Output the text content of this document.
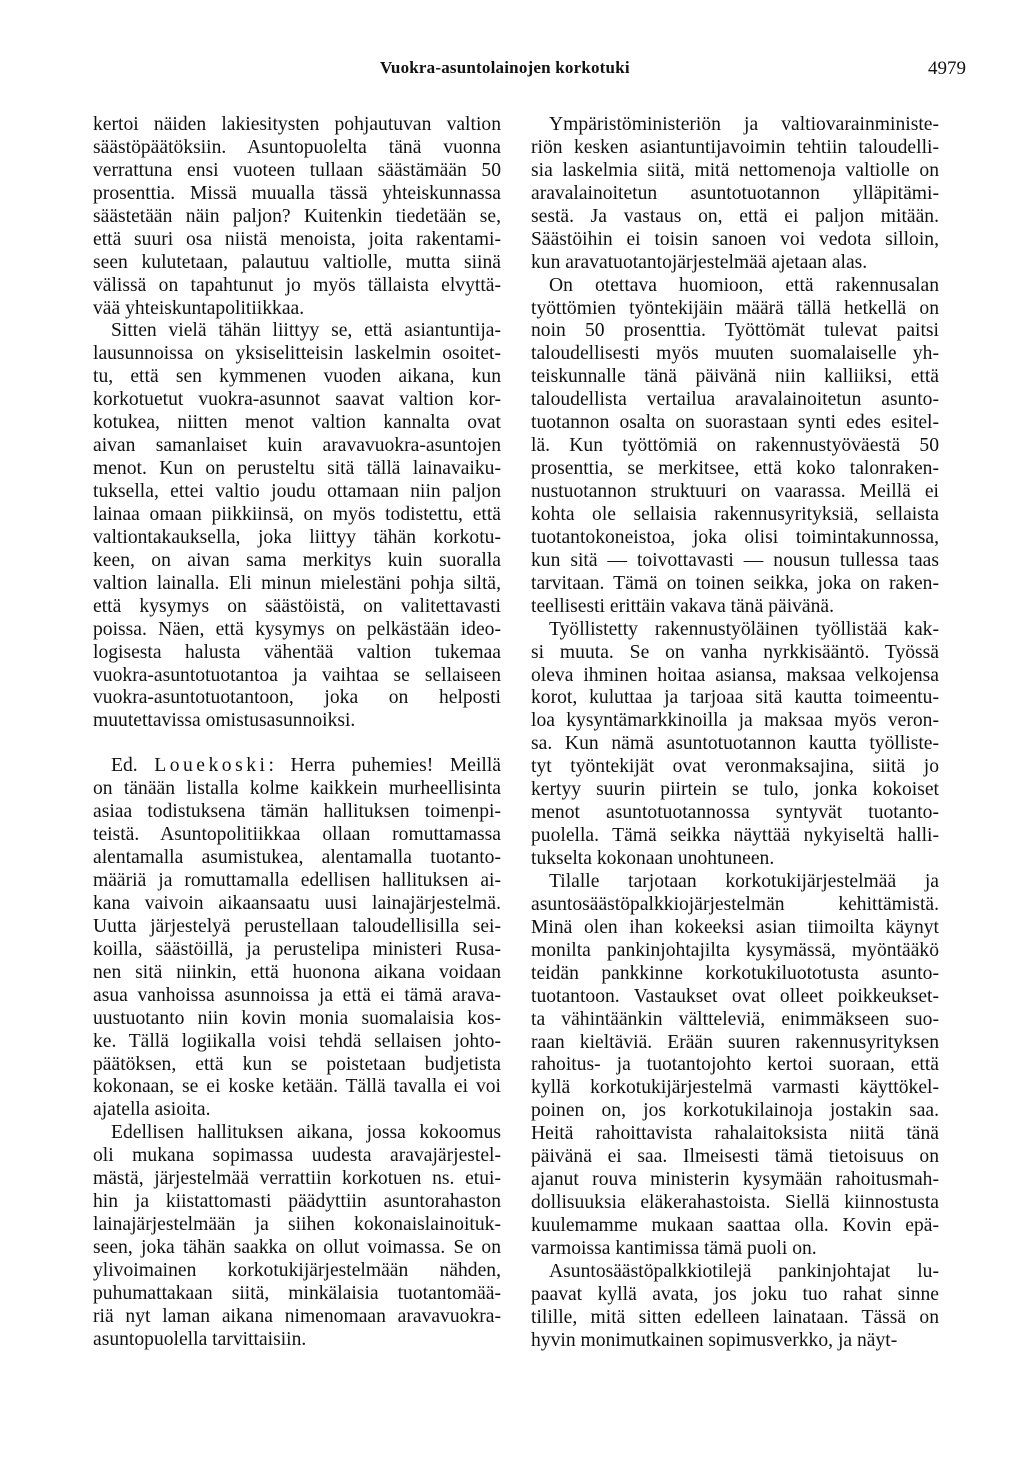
Vuokra-asuntolainojen korkotuki	4979
kertoi näiden lakiesitysten pohjautuvan valtion
säästöpäätöksiin. Asuntopuolelta tänä vuonna
verrattuna ensi vuoteen tullaan säästämään 50
prosenttia. Missä muualla tässä yhteiskunnassa
säästetään näin paljon? Kuitenkin tiedetään se,
että suuri osa niistä menoista, joita rakentami-
seen kulutetaan, palautuu valtiolle, mutta siinä
välissä on tapahtunut jo myös tällaista elvyttä-
vää yhteiskuntapolitiikkaa.
Sitten vielä tähän liittyy se, että asiantuntija-
lausunnoissa on yksiselitteisin laskelmin osoitet-
tu, että sen kymmenen vuoden aikana, kun
korkotuetut vuokra-asunnot saavat valtion kor-
kotukea, niitten menot valtion kannalta ovat
aivan samanlaiset kuin aravavuokra-asuntojen
menot. Kun on perusteltu sitä tällä lainavaiku-
tuksella, ettei valtio joudu ottamaan niin paljon
lainaa omaan piikkiinsä, on myös todistettu, että
valtiontakauksella, joka liittyy tähän korkotu-
keen, on aivan sama merkitys kuin suoralla
valtion lainalla. Eli minun mielestäni pohja siltä,
että kysymys on säästöistä, on valitettavasti
poissa. Näen, että kysymys on pelkästään ideo-
logisesta halusta vähentää valtion tukemaa
vuokra-asuntotuotantoa ja vaihtaa se sellaiseen
vuokra-asuntotuotantoon, joka on helposti
muutettavissa omistusasunnoiksi.
Ed. Louekoski: Herra puhemies! Meillä
on tänään listalla kolme kaikkein murheellisinta
asiaa todistuksena tämän hallituksen toimenpi-
teistä. Asuntopolitiikkaa ollaan romuttamassa
alentamalla asumistukea, alentamalla tuotanto-
määriä ja romuttamalla edellisen hallituksen ai-
kana vaivoin aikaansaatu uusi lainajärjestelmä.
Uutta järjestelyä perustellaan taloudellisilla sei-
koilla, säästöillä, ja perustelipa ministeri Rusa-
nen sitä niinkin, että huonona aikana voidaan
asua vanhoissa asunnoissa ja että ei tämä arava-
uustuotanto niin kovin monia suomalaisia kos-
ke. Tällä logiikalla voisi tehdä sellaisen johto-
päätöksen, että kun se poistetaan budjetista
kokonaan, se ei koske ketään. Tällä tavalla ei voi
ajatella asioita.
Edellisen hallituksen aikana, jossa kokoomus
oli mukana sopimassa uudesta aravajärjestel-
mästä, järjestelmää verrattiin korkotuen ns. etui-
hin ja kiistattomasti päädyttiin asuntorahaston
lainajärjestelmään ja siihen kokonaislainoituk-
seen, joka tähän saakka on ollut voimassa. Se on
ylivoimainen korkotukijärjestelmään nähden,
puhumattakaan siitä, minkälaisia tuotantomää-
riä nyt laman aikana nimenomaan aravavuokra-
asuntopuolella tarvittaisiin.
Ympäristöministeriön ja valtiovarainministe-
riön kesken asiantuntijavoimin tehtiin taloudelli-
sia laskelmia siitä, mitä nettomenoja valtiolle on
aravalainoitetun asuntotuotannon ylläpitämi-
sestä. Ja vastaus on, että ei paljon mitään.
Säästöihin ei toisin sanoen voi vedota silloin,
kun aravatuotantojärjestelmää ajetaan alas.
On otettava huomioon, että rakennusalan
työttömien työntekijäin määrä tällä hetkellä on
noin 50 prosenttia. Työttömät tulevat paitsi
taloudellisesti myös muuten suomalaiselle yh-
teiskunnalle tänä päivänä niin kalliiksi, että
taloudellista vertailua aravalainoitetun asunto-
tuotannon osalta on suorastaan synti edes esitel-
lä. Kun työttömiä on rakennustyöväestä 50
prosenttia, se merkitsee, että koko talonraken-
nustuotannon struktuuri on vaarassa. Meillä ei
kohta ole sellaisia rakennusyrityksiä, sellaista
tuotantokoneistoa, joka olisi toimintakunnossa,
kun sitä — toivottavasti — nousun tullessa taas
tarvitaan. Tämä on toinen seikka, joka on raken-
teellisesti erittäin vakava tänä päivänä.
Työllistetty rakennustyöläinen työllistää kak-
si muuta. Se on vanha nyrkkisääntö. Työssä
oleva ihminen hoitaa asiansa, maksaa velkojensa
korot, kuluttaa ja tarjoaa sitä kautta toimeentu-
loa kysyntämarkkinoilla ja maksaa myös veron-
sa. Kun nämä asuntotuotannon kautta työlliste-
tyt työntekijät ovat veronmaksajina, siitä jo
kertyy suurin piirtein se tulo, jonka kokoiset
menot asuntotuotannossa syntyvät tuotanto-
puolella. Tämä seikka näyttää nykyiseltä halli-
tukselta kokonaan unohtuneen.
Tilalle tarjotaan korkotukijärjestelmää ja
asuntosäästöpalkkiojärjestelmän kehittämistä.
Minä olen ihan kokeeksi asian tiimoilta käynyt
monilta pankinjohtajilta kysymässä, myöntääkö
teidän pankkinne korkotukiluototusta asunto-
tuotantoon. Vastaukset ovat olleet poikkeukset-
ta vähintäänkin vältteleviä, enimmäkseen suo-
raan kieltäviä. Erään suuren rakennusyrityksen
rahoitus- ja tuotantojohto kertoi suoraan, että
kyllä korkotukijärjestelmä varmasti käyttökel-
poinen on, jos korkotukilainoja jostakin saa.
Heitä rahoittavista rahalaitoksista niitä tänä
päivänä ei saa. Ilmeisesti tämä tietoisuus on
ajanut rouva ministerin kysymään rahoitusmah-
dollisuuksia eläkerahastoista. Siellä kiinnostusta
kuulemamme mukaan saattaa olla. Kovin epä-
varmoissa kantimissa tämä puoli on.
Asuntosäästöpalkkiotilejä pankinjohtajat lu-
paavat kyllä avata, jos joku tuo rahat sinne
tilille, mitä sitten edelleen lainataan. Tässä on
hyvin monimutkainen sopimusverkko, ja näyt-
